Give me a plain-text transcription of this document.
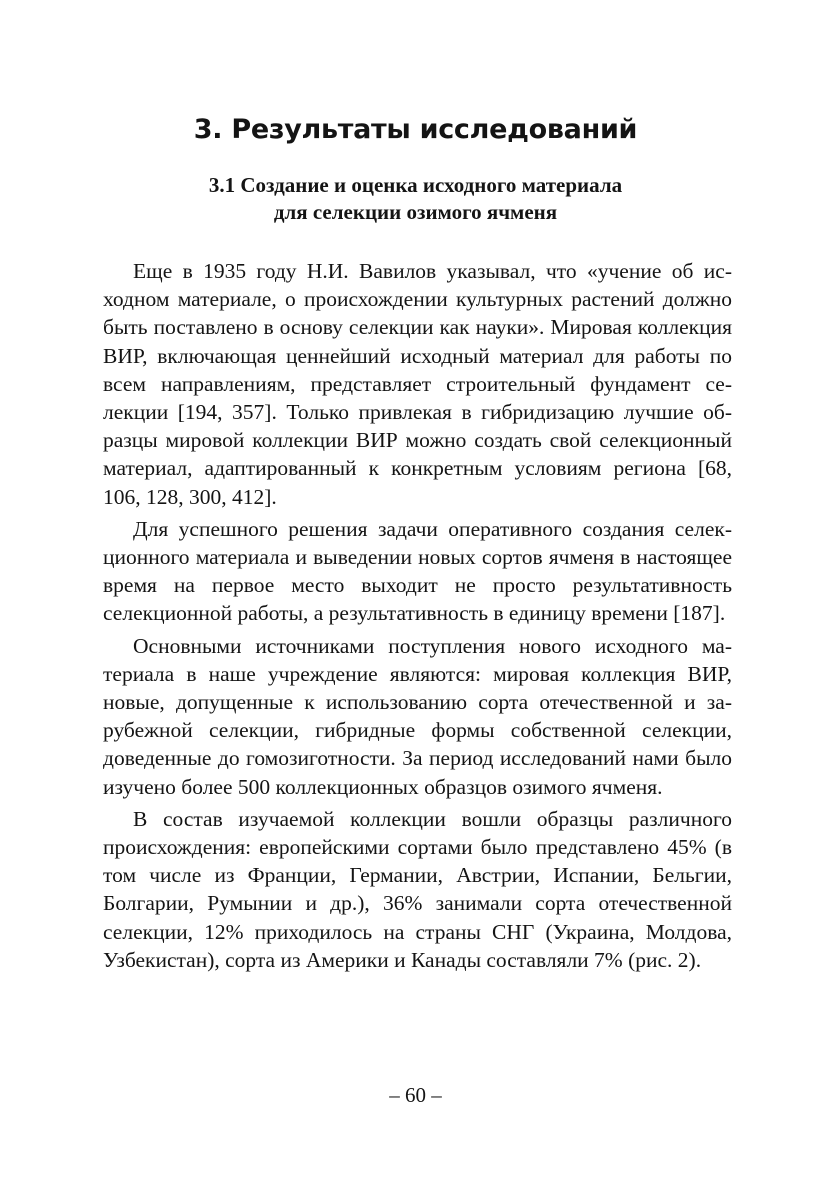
3. Результаты исследований
3.1 Создание и оценка исходного материала
для селекции озимого ячменя

Еще в 1935 году Н.И. Вавилов указывал, что «учение об исходном материале, о происхождении культурных растений должно быть поставлено в основу селекции как науки». Мировая коллекция ВИР, включающая ценнейший исходный материал для работы по всем направлениям, представляет строительный фундамент селекции [194, 357]. Только привлекая в гибридизацию лучшие образцы мировой коллекции ВИР можно создать свой селекционный материал, адаптированный к конкретным условиям региона [68, 106, 128, 300, 412].

Для успешного решения задачи оперативного создания селекционного материала и выведении новых сортов ячменя в настоящее время на первое место выходит не просто результативность селекционной работы, а результативность в единицу времени [187].

Основными источниками поступления нового исходного материала в наше учреждение являются: мировая коллекция ВИР, новые, допущенные к использованию сорта отечественной и зарубежной селекции, гибридные формы собственной селекции, доведенные до гомозиготности. За период исследований нами было изучено более 500 коллекционных образцов озимого ячменя.

В состав изучаемой коллекции вошли образцы различного происхождения: европейскими сортами было представлено 45% (в том числе из Франции, Германии, Австрии, Испании, Бельгии, Болгарии, Румынии и др.), 36% занимали сорта отечественной селекции, 12% приходилось на страны СНГ (Украина, Молдова, Узбекистан), сорта из Америки и Канады составляли 7% (рис. 2).

– 60 –
